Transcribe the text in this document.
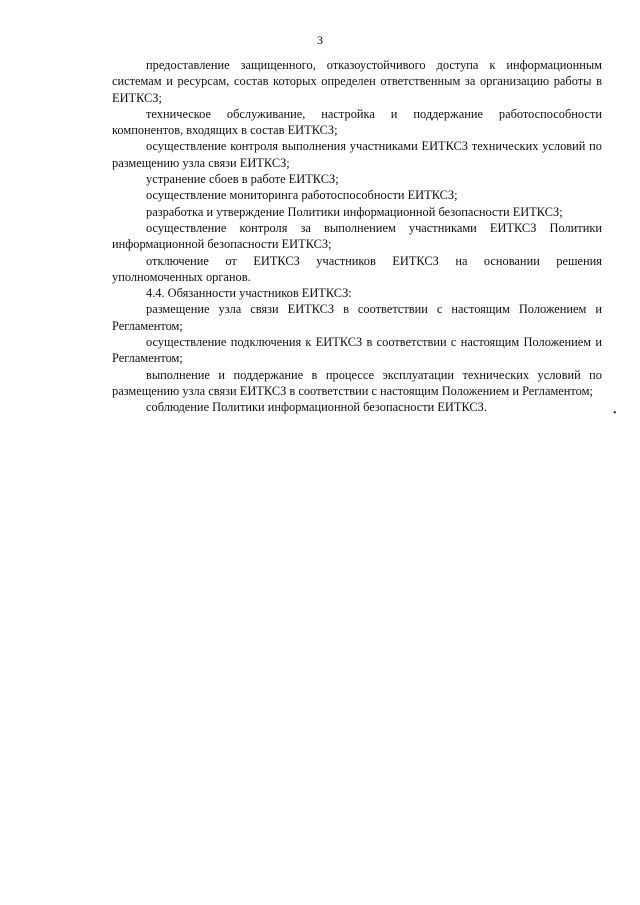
3

предоставление защищенного, отказоустойчивого доступа к информационным системам и ресурсам, состав которых определен ответственным за организацию работы в ЕИТКСЗ;

техническое обслуживание, настройка и поддержание работоспособности компонентов, входящих в состав ЕИТКСЗ;

осуществление контроля выполнения участниками ЕИТКСЗ технических условий по размещению узла связи ЕИТКСЗ;

устранение сбоев в работе ЕИТКСЗ;

осуществление мониторинга работоспособности ЕИТКСЗ;

разработка и утверждение Политики информационной безопасности ЕИТКСЗ;

осуществление контроля за выполнением участниками ЕИТКСЗ Политики информационной безопасности ЕИТКСЗ;

отключение от ЕИТКСЗ участников ЕИТКСЗ на основании решения уполномоченных органов.

4.4. Обязанности участников ЕИТКСЗ:

размещение узла связи ЕИТКСЗ в соответствии с настоящим Положением и Регламентом;

осуществление подключения к ЕИТКСЗ в соответствии с настоящим Положением и Регламентом;

выполнение и поддержание в процессе эксплуатации технических условий по размещению узла связи ЕИТКСЗ в соответствии с настоящим Положением и Регламентом;

соблюдение Политики информационной безопасности ЕИТКСЗ.	•
